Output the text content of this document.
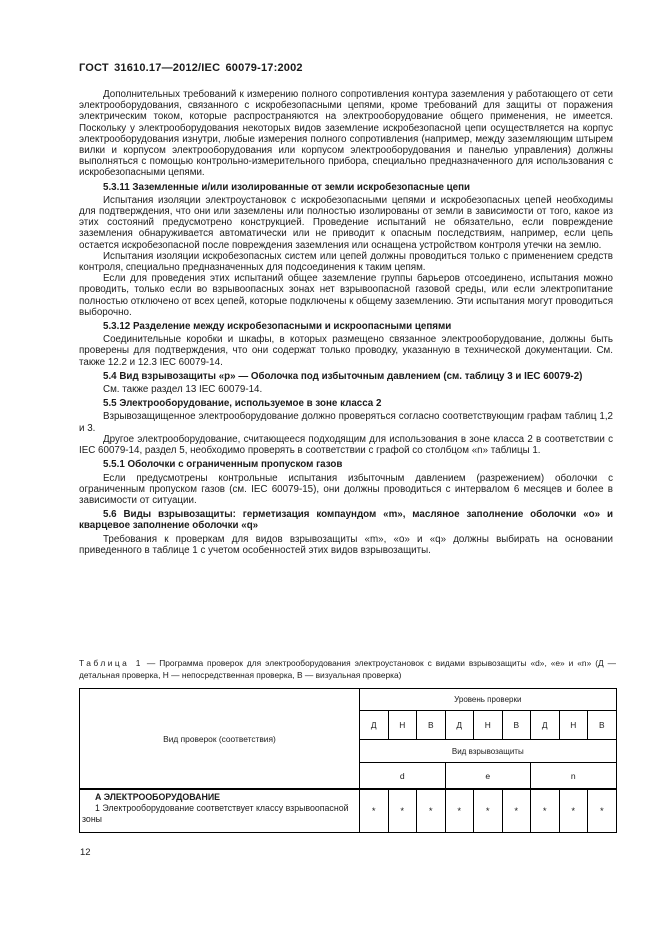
ГОСТ 31610.17—2012/IEC 60079-17:2002

Дополнительных требований к измерению полного сопротивления контура заземления у работающего от сети электрооборудования, связанного с искробезопасными цепями, кроме требований для защиты от поражения электрическим током, которые распространяются на электрооборудование общего применения, не имеется. Поскольку у электрооборудования некоторых видов заземление искробезопасной цепи осуществляется на корпус электрооборудования изнутри, любые измерения полного сопротивления (например, между заземляющим штырем вилки и корпусом электрооборудования или корпусом электрооборудования и панелью управления) должны выполняться с помощью контрольно-измерительного прибора, специально предназначенного для использования с искробезопасными цепями.

5.3.11 Заземленные и/или изолированные от земли искробезопасные цепи

Испытания изоляции электроустановок с искробезопасными цепями и искробезопасных цепей необходимы для подтверждения, что они или заземлены или полностью изолированы от земли в зависимости от того, какое из этих состояний предусмотрено конструкцией. Проведение испытаний не обязательно, если повреждение заземления обнаруживается автоматически или не приводит к опасным последствиям, например, если цепь остается искробезопасной после повреждения заземления или оснащена устройством контроля утечки на землю.

Испытания изоляции искробезопасных систем или цепей должны проводиться только с применением средств контроля, специально предназначенных для подсоединения к таким цепям.

Если для проведения этих испытаний общее заземление группы барьеров отсоединено, испытания можно проводить, только если во взрывоопасных зонах нет взрывоопасной газовой среды, или если электропитание полностью отключено от всех цепей, которые подключены к общему заземлению. Эти испытания могут проводиться выборочно.

5.3.12 Разделение между искробезопасными и искроопасными цепями

Соединительные коробки и шкафы, в которых размещено связанное электрооборудование, должны быть проверены для подтверждения, что они содержат только проводку, указанную в технической документации. См. также 12.2 и 12.3 IEC 60079-14.

5.4 Вид взрывозащиты «р» — Оболочка под избыточным давлением (см. таблицу 3 и IEC 60079-2)

См. также раздел 13 IEC 60079-14.

5.5 Электрооборудование, используемое в зоне класса 2

Взрывозащищенное электрооборудование должно проверяться согласно соответствующим графам таблиц 1,2 и 3.

Другое электрооборудование, считающееся подходящим для использования в зоне класса 2 в соответствии с IEC 60079-14, раздел 5, необходимо проверять в соответствии с графой со столбцом «n» таблицы 1.

5.5.1 Оболочки с ограниченным пропуском газов

Если предусмотрены контрольные испытания избыточным давлением (разрежением) оболочки с ограниченным пропуском газов (см. IEC 60079-15), они должны проводиться с интервалом 6 месяцев и более в зависимости от ситуации.

5.6 Виды взрывозащиты: герметизация компаундом «m», масляное заполнение оболочки «о» и кварцевое заполнение оболочки «q»

Требования к проверкам для видов взрывозащиты «m», «о» и «q» должны выбирать на основании приведенного в таблице 1 с учетом особенностей этих видов взрывозащиты.

Таблица 1 — Программа проверок для электрооборудования электроустановок с видами взрывозащиты «d», «е» и «n» (Д — детальная проверка, Н — непосредственная проверка, В — визуальная проверка)

Вид проверок (соответствия)	Уровень проверки								
	Д	Н	В	Д	Н	В	Д	Н	В
	Вид взрывозащиты								
	d			e			n		

А ЭЛЕКТРООБОРУДОВАНИЕ

1 Электрооборудование соответствует классу взрывоопасной зоны	*	*	*	*	*	*	*	*	*
12
